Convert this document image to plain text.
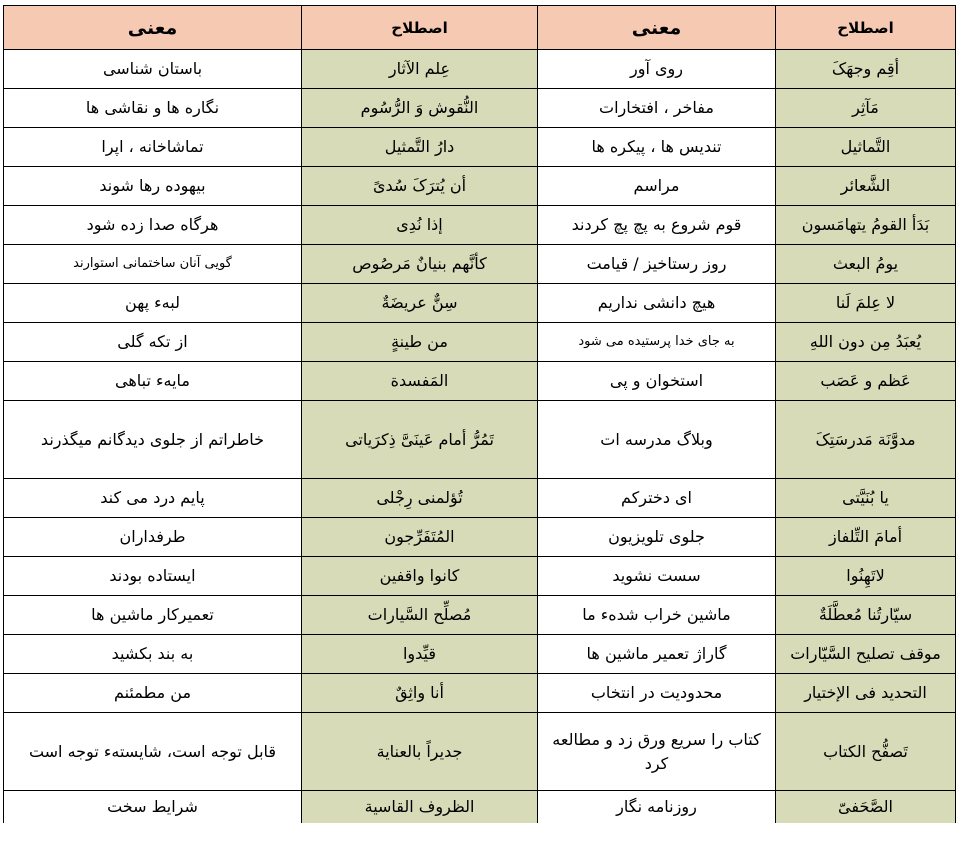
اصطلاح	معنی	اصطلاح	معنی
أقِم وجهَکَ	روی آور	عِلم الآثار	باستان شناسی
مَآثِر	مفاخر ، افتخارات	النُّقوش وَ الرُّسُوم	نگاره ها و نقاشی ها
التَّماثیل	تندیس ها ، پیکره ها	دارُ التَّمثیل	تماشاخانه ، اپرا
الشَّعائر	مراسم	أن یُترَکَ سُدیً	بیهوده رها شوند
بَدَأ القومُ یتهامَسون	قوم شروع به پچ پچ کردند	إذا نُدِی	هرگاه صدا زده شود
یومُ البعث	روز رستاخیز / قیامت	کأنَّهم بنیانٌ مَرصُوص	گویی آنان ساختمانی استوارند
لا عِلمَ لَنا	هیچ دانشی نداریم	سِنٌّ عریضَةٌ	لبهء پهن
یُعبَدُ مِن دون اللهِ	به جای خدا پرستیده می شود	من طینةٍ	از تکه گلی
عَظم و عَصَب	استخوان و پی	المَفسدة	مایهء تباهی
مدوَّنَة مَدرسَتِکَ	وبلاگ مدرسه ات	تَمُرُّ أمام عَینَیَّ ذِکرَیاتی	خاطراتم از جلوی دیدگانم میگذرند
یا بُنَیَّتی	ای دخترکم	تُؤلمنی رِجْلی	پایم درد می کند
أمامَ التِّلفاز	جلوی تلویزیون	المُتَفَرِّجون	طرفداران
لاتَهِنُوا	سست نشوید	کانوا واقفین	ایستاده بودند
سیّارتُنا مُعطَّلَةٌ	ماشین خراب شدهء ما	مُصلِّح السَّیارات	تعمیرکار ماشین ها
موقف تصلیح السَّیّارات	گاراژ تعمیر ماشین ها	قیِّدوا	به بند بکشید
التحدید فی الإختیار	محدودیت در انتخاب	أنا واثِقٌ	من مطمئنم
تَصفُّح الکتاب	کتاب را سریع ورق زد و مطالعه کرد	جدیراً بالعنایة	قابل توجه است، شایستهء توجه است
الصَّحَفیّ	روزنامه نگار	الظروف القاسیة	شرایط سخت
